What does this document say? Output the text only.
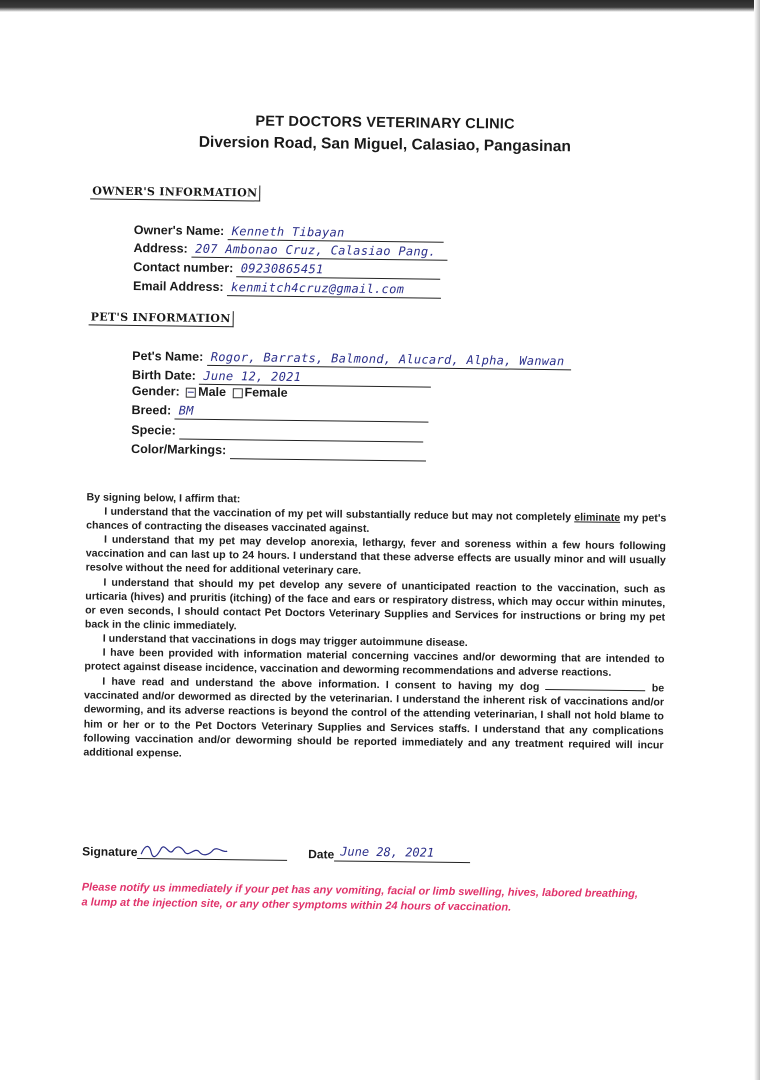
PET DOCTORS VETERINARY CLINIC
Diversion Road, San Miguel, Calasiao, Pangasinan
OWNER'S INFORMATION
Owner's Name: Kenneth Tibayan
Address: 207 Ambonao Cruz, Calasiao Pang.
Contact number: 09230865451
Email Address: kenmitch4cruz@gmail.com
PET'S INFORMATION
Pet's Name: Rogor, Barrats, Balmond, Alucard, Alpha, Wanwan
Birth Date: June 12, 2021
Gender: Male Female
Breed: BM
Specie:
Color/Markings:

By signing below, I affirm that:

I understand that the vaccination of my pet will substantially reduce but may not completely eliminate my pet's chances of contracting the diseases vaccinated against.

I understand that my pet may develop anorexia, lethargy, fever and soreness within a few hours following vaccination and can last up to 24 hours. I understand that these adverse effects are usually minor and will usually resolve without the need for additional veterinary care.

I understand that should my pet develop any severe of unanticipated reaction to the vaccination, such as urticaria (hives) and pruritis (itching) of the face and ears or respiratory distress, which may occur within minutes, or even seconds, I should contact Pet Doctors Veterinary Supplies and Services for instructions or bring my pet back in the clinic immediately.

I understand that vaccinations in dogs may trigger autoimmune disease.

I have been provided with information material concerning vaccines and/or deworming that are intended to protect against disease incidence, vaccination and deworming recommendations and adverse reactions.

I have read and understand the above information. I consent to having my dog	be vaccinated and/or dewormed as directed by the veterinarian. I understand the inherent risk of vaccinations and/or deworming, and its adverse reactions is beyond the control of the attending veterinarian, I shall not hold blame to him or her or to the Pet Doctors Veterinary Supplies and Services staffs. I understand that any complications following vaccination and/or deworming should be reported immediately and any treatment required will incur additional expense.

Signature	Date June 28, 2021
Please notify us immediately if your pet has any vomiting, facial or limb swelling, hives, labored breathing, a lump at the injection site, or any other symptoms within 24 hours of vaccination.
